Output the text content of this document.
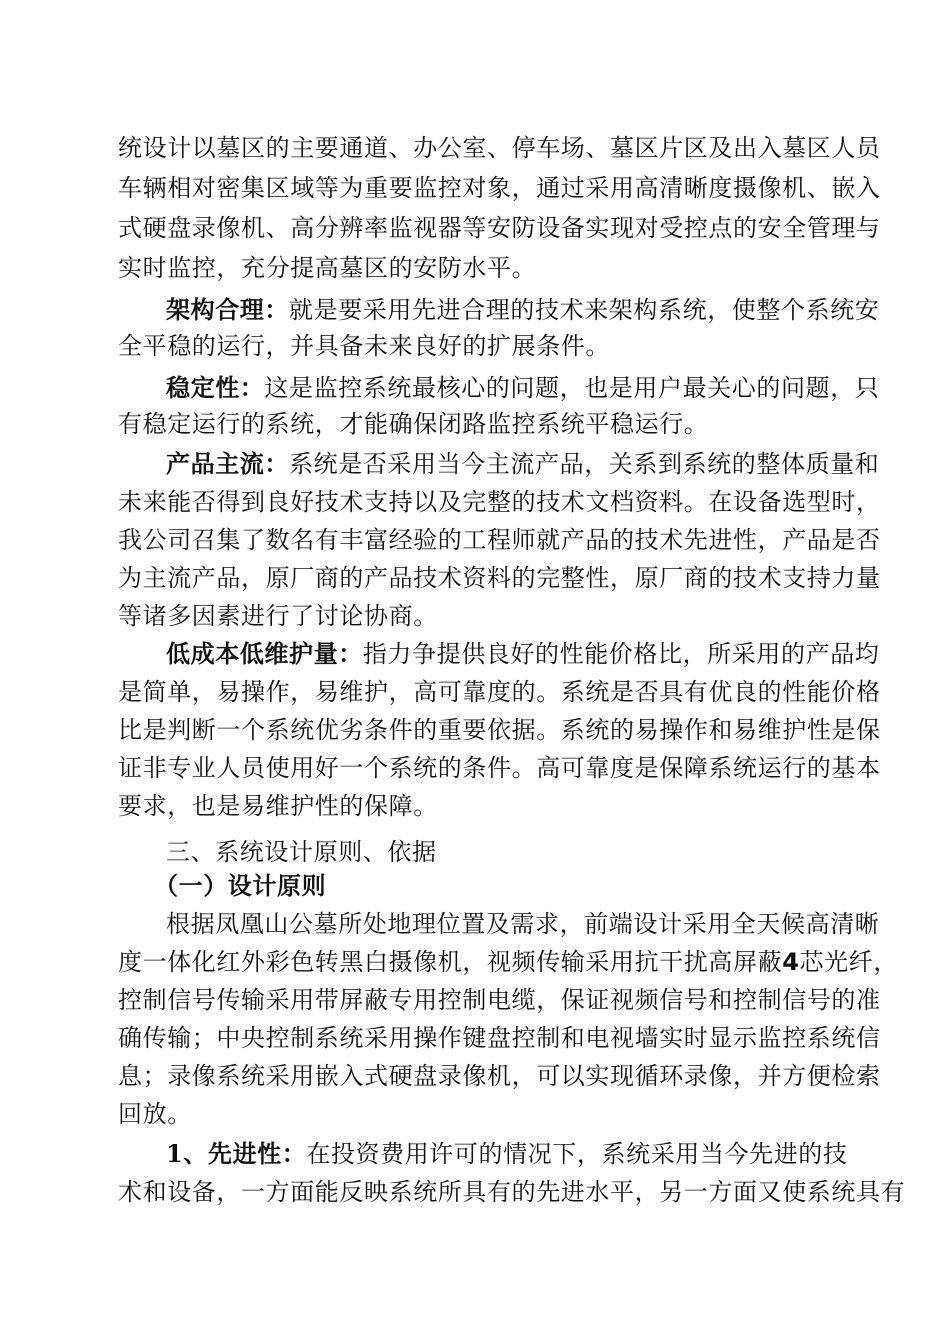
统设计以墓区的主要通道、办公室、停车场、墓区片区及出入墓区人员
车辆相对密集区域等为重要监控对象，通过采用高清晰度摄像机、嵌入
式硬盘录像机、高分辨率监视器等安防设备实现对受控点的安全管理与
实时监控，充分提高墓区的安防水平。
架构合理：就是要采用先进合理的技术来架构系统，使整个系统安
全平稳的运行，并具备未来良好的扩展条件。
稳定性：这是监控系统最核心的问题，也是用户最关心的问题，只
有稳定运行的系统，才能确保闭路监控系统平稳运行。
产品主流：系统是否采用当今主流产品，关系到系统的整体质量和
未来能否得到良好技术支持以及完整的技术文档资料。在设备选型时，
我公司召集了数名有丰富经验的工程师就产品的技术先进性，产品是否
为主流产品，原厂商的产品技术资料的完整性，原厂商的技术支持力量
等诸多因素进行了讨论协商。
低成本低维护量：指力争提供良好的性能价格比，所采用的产品均
是简单，易操作，易维护，高可靠度的。系统是否具有优良的性能价格
比是判断一个系统优劣条件的重要依据。系统的易操作和易维护性是保
证非专业人员使用好一个系统的条件。高可靠度是保障系统运行的基本
要求，也是易维护性的保障。
三、系统设计原则、依据
（一）设计原则
根据凤凰山公墓所处地理位置及需求，前端设计采用全天候高清晰
度一体化红外彩色转黑白摄像机，视频传输采用抗干扰高屏蔽4芯光纤，
控制信号传输采用带屏蔽专用控制电缆，保证视频信号和控制信号的准
确传输；中央控制系统采用操作键盘控制和电视墙实时显示监控系统信
息；录像系统采用嵌入式硬盘录像机，可以实现循环录像，并方便检索
回放。
1、先进性：在投资费用许可的情况下，系统采用当今先进的技
术和设备，一方面能反映系统所具有的先进水平，另一方面又使系统具有
